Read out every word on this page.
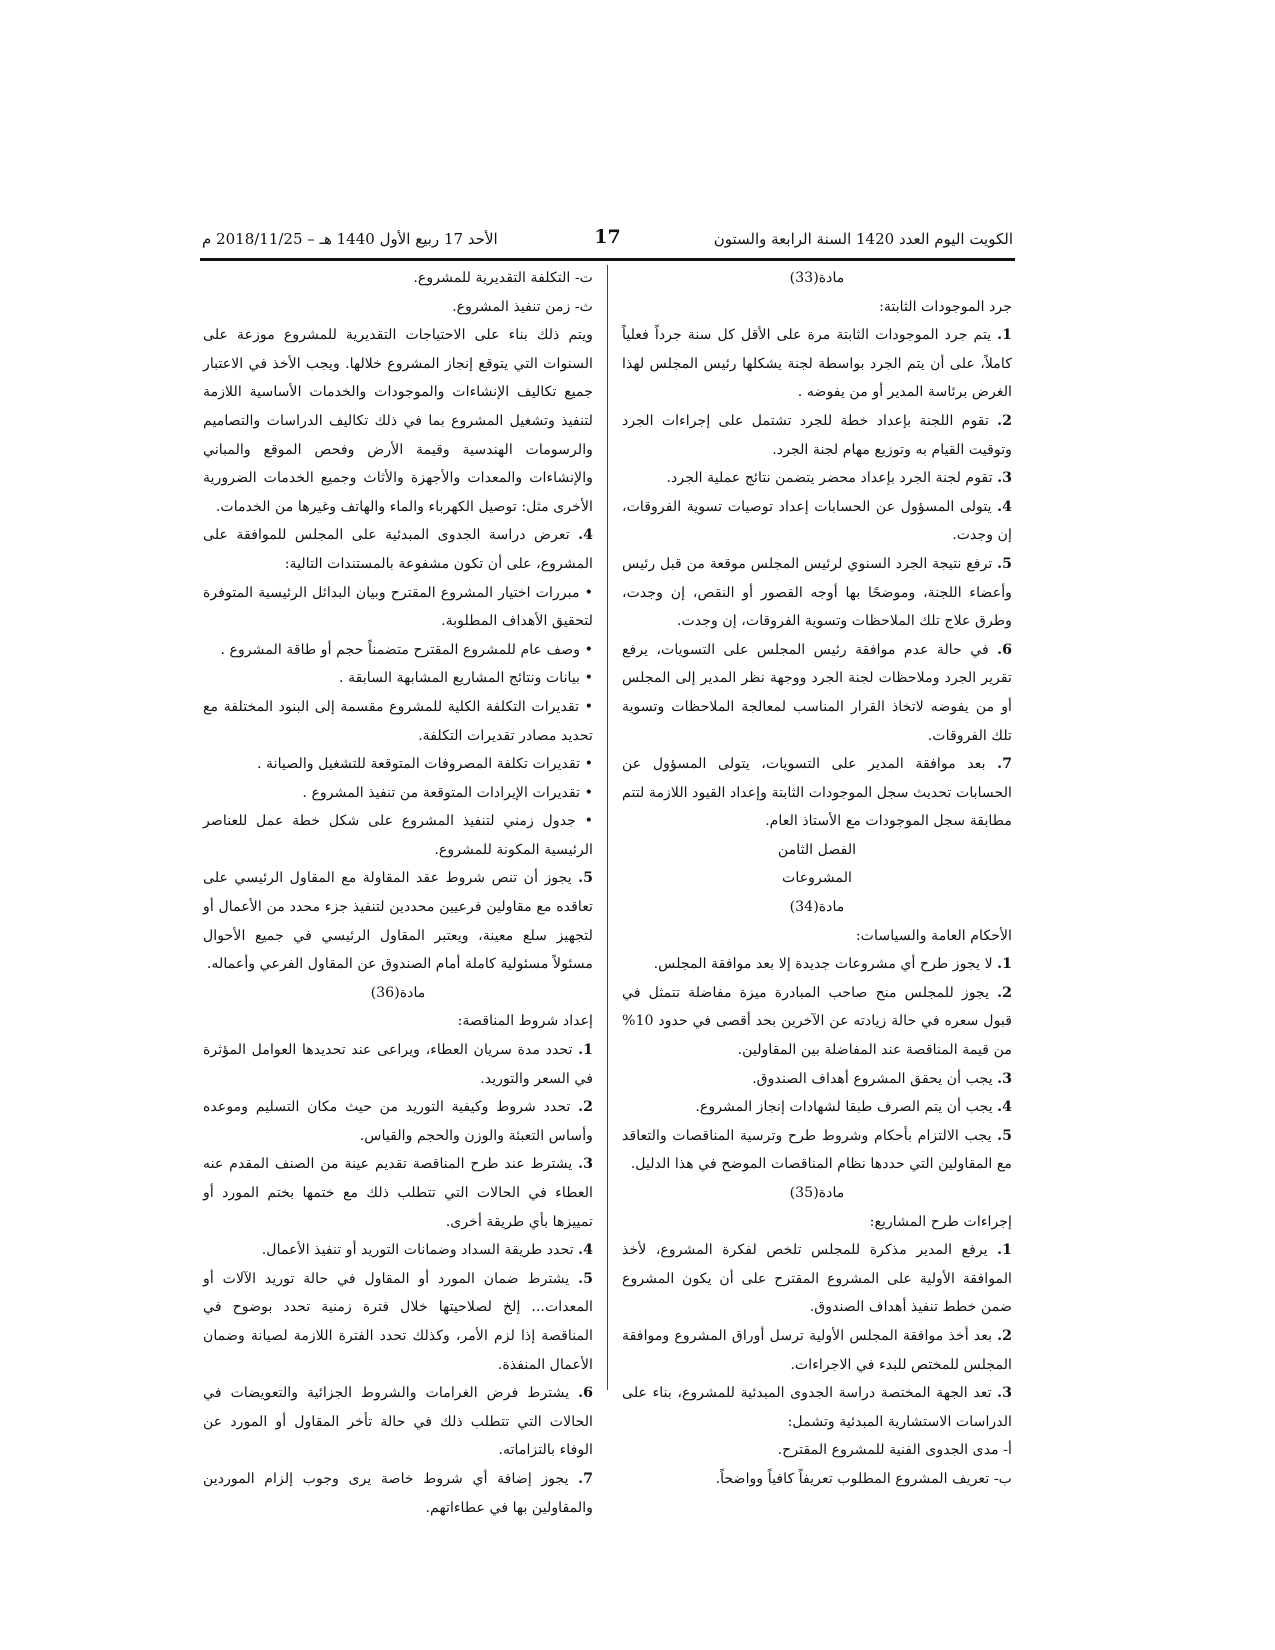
الكويت اليوم العدد 1420 السنة الرابعة والستون
17
الأحد 17 ربيع الأول 1440 هـ – 2018/11/25 م

مادة(33)

جرد الموجودات الثابتة:

1. يتم جرد الموجودات الثابتة مرة على الأقل كل سنة جرداً فعلياً كاملاً، على أن يتم الجرد بواسطة لجنة يشكلها رئيس المجلس لهذا الغرض برئاسة المدير أو من يفوضه .

2. تقوم اللجنة بإعداد خطة للجرد تشتمل على إجراءات الجرد وتوقيت القيام به وتوزيع مهام لجنة الجرد.

3. تقوم لجنة الجرد بإعداد محضر يتضمن نتائج عملية الجرد.

4. يتولى المسؤول عن الحسابات إعداد توصيات تسوية الفروقات، إن وجدت.

5. ترفع نتيجة الجرد السنوي لرئيس المجلس موقعة من قبل رئيس وأعضاء اللجنة، وموضحًا بها أوجه القصور أو النقص، إن وجدت، وطرق علاج تلك الملاحظات وتسوية الفروقات، إن وجدت.

6. في حالة عدم موافقة رئيس المجلس على التسويات، يرفع تقرير الجرد وملاحظات لجنة الجرد ووجهة نظر المدير إلى المجلس أو من يفوضه لاتخاذ القرار المناسب لمعالجة الملاحظات وتسوية تلك الفروقات.

7. بعد موافقة المدير على التسويات، يتولى المسؤول عن الحسابات تحديث سجل الموجودات الثابتة وإعداد القيود اللازمة لتتم مطابقة سجل الموجودات مع الأستاذ العام.

الفصل الثامن

المشروعات

مادة(34)

الأحكام العامة والسياسات:

1. لا يجوز طرح أي مشروعات جديدة إلا بعد موافقة المجلس.

2. يجوز للمجلس منح صاحب المبادرة ميزة مفاضلة تتمثل في قبول سعره في حالة زيادته عن الآخرين بحد أقصى في حدود 10% من قيمة المناقصة عند المفاضلة بين المقاولين.

3. يجب أن يحقق المشروع أهداف الصندوق.

4. يجب أن يتم الصرف طبقا لشهادات إنجاز المشروع.

5. يجب الالتزام بأحكام وشروط طرح وترسية المناقصات والتعاقد مع المقاولين التي حددها نظام المناقصات الموضح في هذا الدليل.

مادة(35)

إجراءات طرح المشاريع:

1. يرفع المدير مذكرة للمجلس تلخص لفكرة المشروع، لأخذ الموافقة الأولية على المشروع المقترح على أن يكون المشروع ضمن خطط تنفيذ أهداف الصندوق.

2. بعد أخذ موافقة المجلس الأولية ترسل أوراق المشروع وموافقة المجلس للمختص للبدء في الاجراءات.

3. تعد الجهة المختصة دراسة الجدوى المبدئية للمشروع، بناء على الدراسات الاستشارية المبدئية وتشمل:

أ- مدى الجدوى الفنية للمشروع المقترح.

ب- تعريف المشروع المطلوب تعريفاً كافياً وواضحاً.

ت- التكلفة التقديرية للمشروع.

ث- زمن تنفيذ المشروع.

ويتم ذلك بناء على الاحتياجات التقديرية للمشروع موزعة على السنوات التي يتوقع إنجاز المشروع خلالها. ويجب الأخذ في الاعتبار جميع تكاليف الإنشاءات والموجودات والخدمات الأساسية اللازمة لتنفيذ وتشغيل المشروع بما في ذلك تكاليف الدراسات والتصاميم والرسومات الهندسية وقيمة الأرض وفحص الموقع والمباني والإنشاءات والمعدات والأجهزة والأثاث وجميع الخدمات الضرورية الأخرى مثل: توصيل الكهرباء والماء والهاتف وغيرها من الخدمات.

4. تعرض دراسة الجدوى المبدئية على المجلس للموافقة على المشروع، على أن تكون مشفوعة بالمستندات التالية:

• مبررات اختيار المشروع المقترح وبيان البدائل الرئيسية المتوفرة لتحقيق الأهداف المطلوبة.

• وصف عام للمشروع المقترح متضمناً حجم أو طاقة المشروع .

• بيانات ونتائج المشاريع المشابهة السابقة .

• تقديرات التكلفة الكلية للمشروع مقسمة إلى البنود المختلفة مع تحديد مصادر تقديرات التكلفة.

• تقديرات تكلفة المصروفات المتوقعة للتشغيل والصيانة .

• تقديرات الإيرادات المتوقعة من تنفيذ المشروع .

• جدول زمني لتنفيذ المشروع على شكل خطة عمل للعناصر الرئيسية المكونة للمشروع.

5. يجوز أن تنص شروط عقد المقاولة مع المقاول الرئيسي على تعاقده مع مقاولين فرعيين محددين لتنفيذ جزء محدد من الأعمال أو لتجهيز سلع معينة، ويعتبر المقاول الرئيسي في جميع الأحوال مسئولاً مسئولية كاملة أمام الصندوق عن المقاول الفرعي وأعماله.

مادة(36)

إعداد شروط المناقصة:

1. تحدد مدة سريان العطاء، ويراعى عند تحديدها العوامل المؤثرة في السعر والتوريد.

2. تحدد شروط وكيفية التوريد من حيث مكان التسليم وموعده وأساس التعبئة والوزن والحجم والقياس.

3. يشترط عند طرح المناقصة تقديم عينة من الصنف المقدم عنه العطاء في الحالات التي تتطلب ذلك مع ختمها بختم المورد أو تمييزها بأي طريقة أخرى.

4. تحدد طريقة السداد وضمانات التوريد أو تنفيذ الأعمال.

5. يشترط ضمان المورد أو المقاول في حالة توريد الآلات أو المعدات... إلخ لصلاحيتها خلال فترة زمنية تحدد بوضوح في المناقصة إذا لزم الأمر، وكذلك تحدد الفترة اللازمة لصيانة وضمان الأعمال المنفذة.

6. يشترط فرض الغرامات والشروط الجزائية والتعويضات في الحالات التي تتطلب ذلك في حالة تأخر المقاول أو المورد عن الوفاء بالتزاماته.

7. يجوز إضافة أي شروط خاصة يرى وجوب إلزام الموردين والمقاولين بها في عطاءاتهم.
